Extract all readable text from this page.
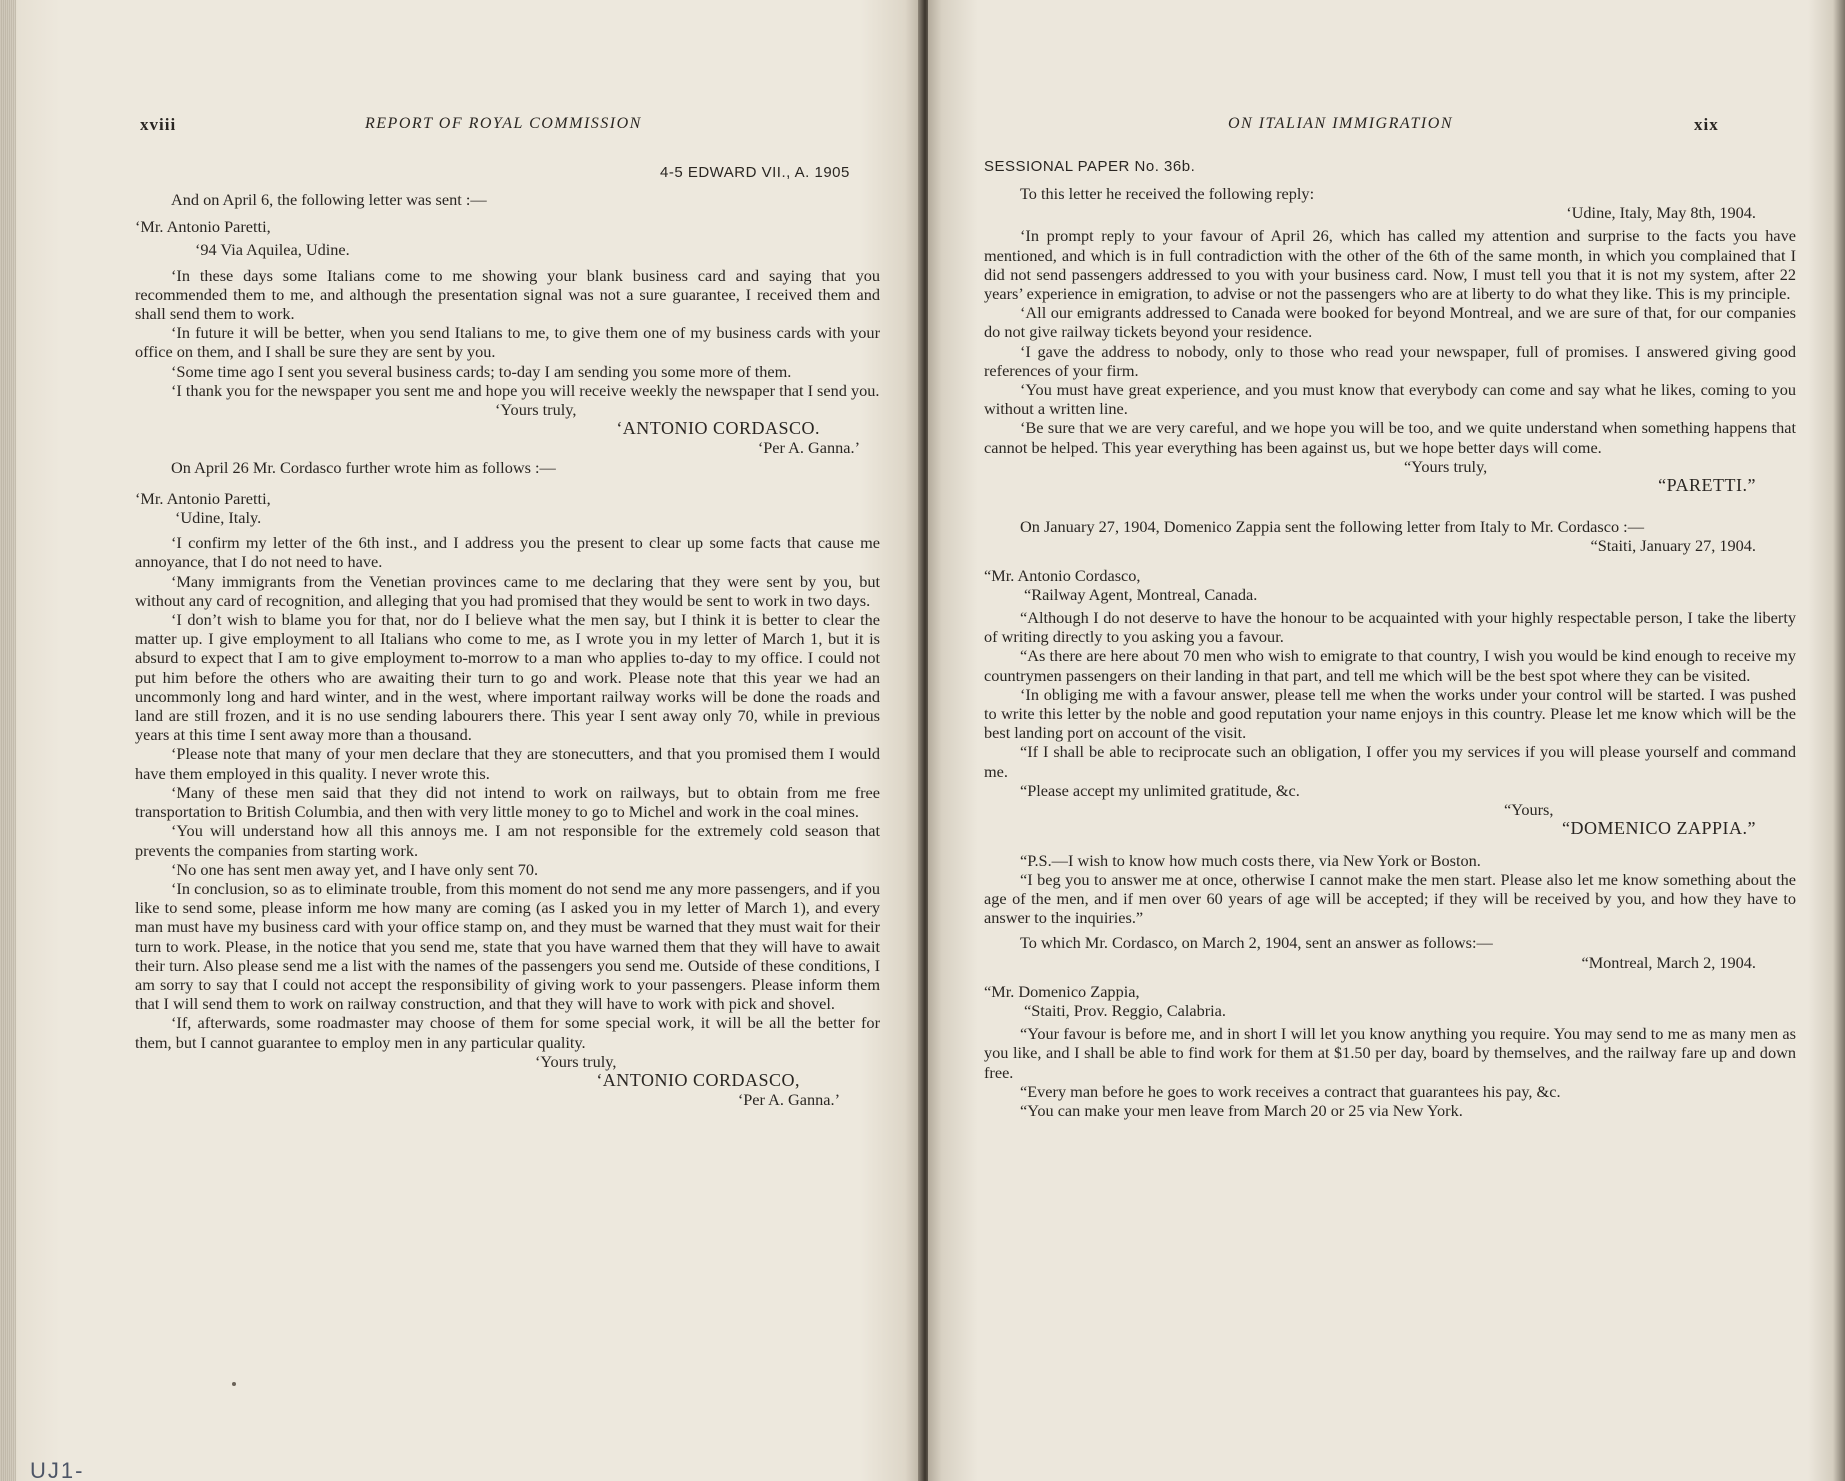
xviii	REPORT OF ROYAL COMMISSION
4-5 EDWARD VII., A. 1905

And on April 6, the following letter was sent :—

‘Mr. Antonio Paretti,

‘94 Via Aquilea, Udine.

‘In these days some Italians come to me showing your blank business card and saying that you recommended them to me, and although the presentation signal was not a sure guarantee, I received them and shall send them to work.

‘In future it will be better, when you send Italians to me, to give them one of my business cards with your office on them, and I shall be sure they are sent by you.

‘Some time ago I sent you several business cards; to-day I am sending you some more of them.

‘I thank you for the newspaper you sent me and hope you will receive weekly the newspaper that I send you.

‘Yours truly,

‘ANTONIO CORDASCO.

‘Per A. Ganna.’

On April 26 Mr. Cordasco further wrote him as follows :—

‘Mr. Antonio Paretti,

‘Udine, Italy.

‘I confirm my letter of the 6th inst., and I address you the present to clear up some facts that cause me annoyance, that I do not need to have.

‘Many immigrants from the Venetian provinces came to me declaring that they were sent by you, but without any card of recognition, and alleging that you had promised that they would be sent to work in two days.

‘I don’t wish to blame you for that, nor do I believe what the men say, but I think it is better to clear the matter up. I give employment to all Italians who come to me, as I wrote you in my letter of March 1, but it is absurd to expect that I am to give employment to-morrow to a man who applies to-day to my office. I could not put him before the others who are awaiting their turn to go and work. Please note that this year we had an uncommonly long and hard winter, and in the west, where important railway works will be done the roads and land are still frozen, and it is no use sending labourers there. This year I sent away only 70, while in previous years at this time I sent away more than a thousand.

‘Please note that many of your men declare that they are stonecutters, and that you promised them I would have them employed in this quality. I never wrote this.

‘Many of these men said that they did not intend to work on railways, but to obtain from me free transportation to British Columbia, and then with very little money to go to Michel and work in the coal mines.

‘You will understand how all this annoys me. I am not responsible for the extremely cold season that prevents the companies from starting work.

‘No one has sent men away yet, and I have only sent 70.

‘In conclusion, so as to eliminate trouble, from this moment do not send me any more passengers, and if you like to send some, please inform me how many are coming (as I asked you in my letter of March 1), and every man must have my business card with your office stamp on, and they must be warned that they must wait for their turn to work. Please, in the notice that you send me, state that you have warned them that they will have to await their turn. Also please send me a list with the names of the passengers you send me. Outside of these conditions, I am sorry to say that I could not accept the responsibility of giving work to your passengers. Please inform them that I will send them to work on railway construction, and that they will have to work with pick and shovel.

‘If, afterwards, some roadmaster may choose of them for some special work, it will be all the better for them, but I cannot guarantee to employ men in any particular quality.

‘Yours truly,

‘ANTONIO CORDASCO,

‘Per A. Ganna.’

UJ1-
ON ITALIAN IMMIGRATION	xix
SESSIONAL PAPER No. 36b.

To this letter he received the following reply:

‘Udine, Italy, May 8th, 1904.

‘In prompt reply to your favour of April 26, which has called my attention and surprise to the facts you have mentioned, and which is in full contradiction with the other of the 6th of the same month, in which you complained that I did not send passengers addressed to you with your business card. Now, I must tell you that it is not my system, after 22 years’ experience in emigration, to advise or not the passengers who are at liberty to do what they like. This is my principle.

‘All our emigrants addressed to Canada were booked for beyond Montreal, and we are sure of that, for our companies do not give railway tickets beyond your residence.

‘I gave the address to nobody, only to those who read your newspaper, full of promises. I answered giving good references of your firm.

‘You must have great experience, and you must know that everybody can come and say what he likes, coming to you without a written line.

‘Be sure that we are very careful, and we hope you will be too, and we quite understand when something happens that cannot be helped. This year everything has been against us, but we hope better days will come.

“Yours truly,

“PARETTI.”

On January 27, 1904, Domenico Zappia sent the following letter from Italy to Mr. Cordasco :—

“Staiti, January 27, 1904.

“Mr. Antonio Cordasco,

“Railway Agent, Montreal, Canada.

“Although I do not deserve to have the honour to be acquainted with your highly respectable person, I take the liberty of writing directly to you asking you a favour.

“As there are here about 70 men who wish to emigrate to that country, I wish you would be kind enough to receive my countrymen passengers on their landing in that part, and tell me which will be the best spot where they can be visited.

‘In obliging me with a favour answer, please tell me when the works under your control will be started. I was pushed to write this letter by the noble and good reputation your name enjoys in this country. Please let me know which will be the best landing port on account of the visit.

“If I shall be able to reciprocate such an obligation, I offer you my services if you will please yourself and command me.

“Please accept my unlimited gratitude, &c.

“Yours,

“DOMENICO ZAPPIA.”

“P.S.—I wish to know how much costs there, via New York or Boston.

“I beg you to answer me at once, otherwise I cannot make the men start. Please also let me know something about the age of the men, and if men over 60 years of age will be accepted; if they will be received by you, and how they have to answer to the inquiries.”

To which Mr. Cordasco, on March 2, 1904, sent an answer as follows:—

“Montreal, March 2, 1904.

“Mr. Domenico Zappia,

“Staiti, Prov. Reggio, Calabria.

“Your favour is before me, and in short I will let you know anything you require. You may send to me as many men as you like, and I shall be able to find work for them at $1.50 per day, board by themselves, and the railway fare up and down free.

“Every man before he goes to work receives a contract that guarantees his pay, &c.

“You can make your men leave from March 20 or 25 via New York.
